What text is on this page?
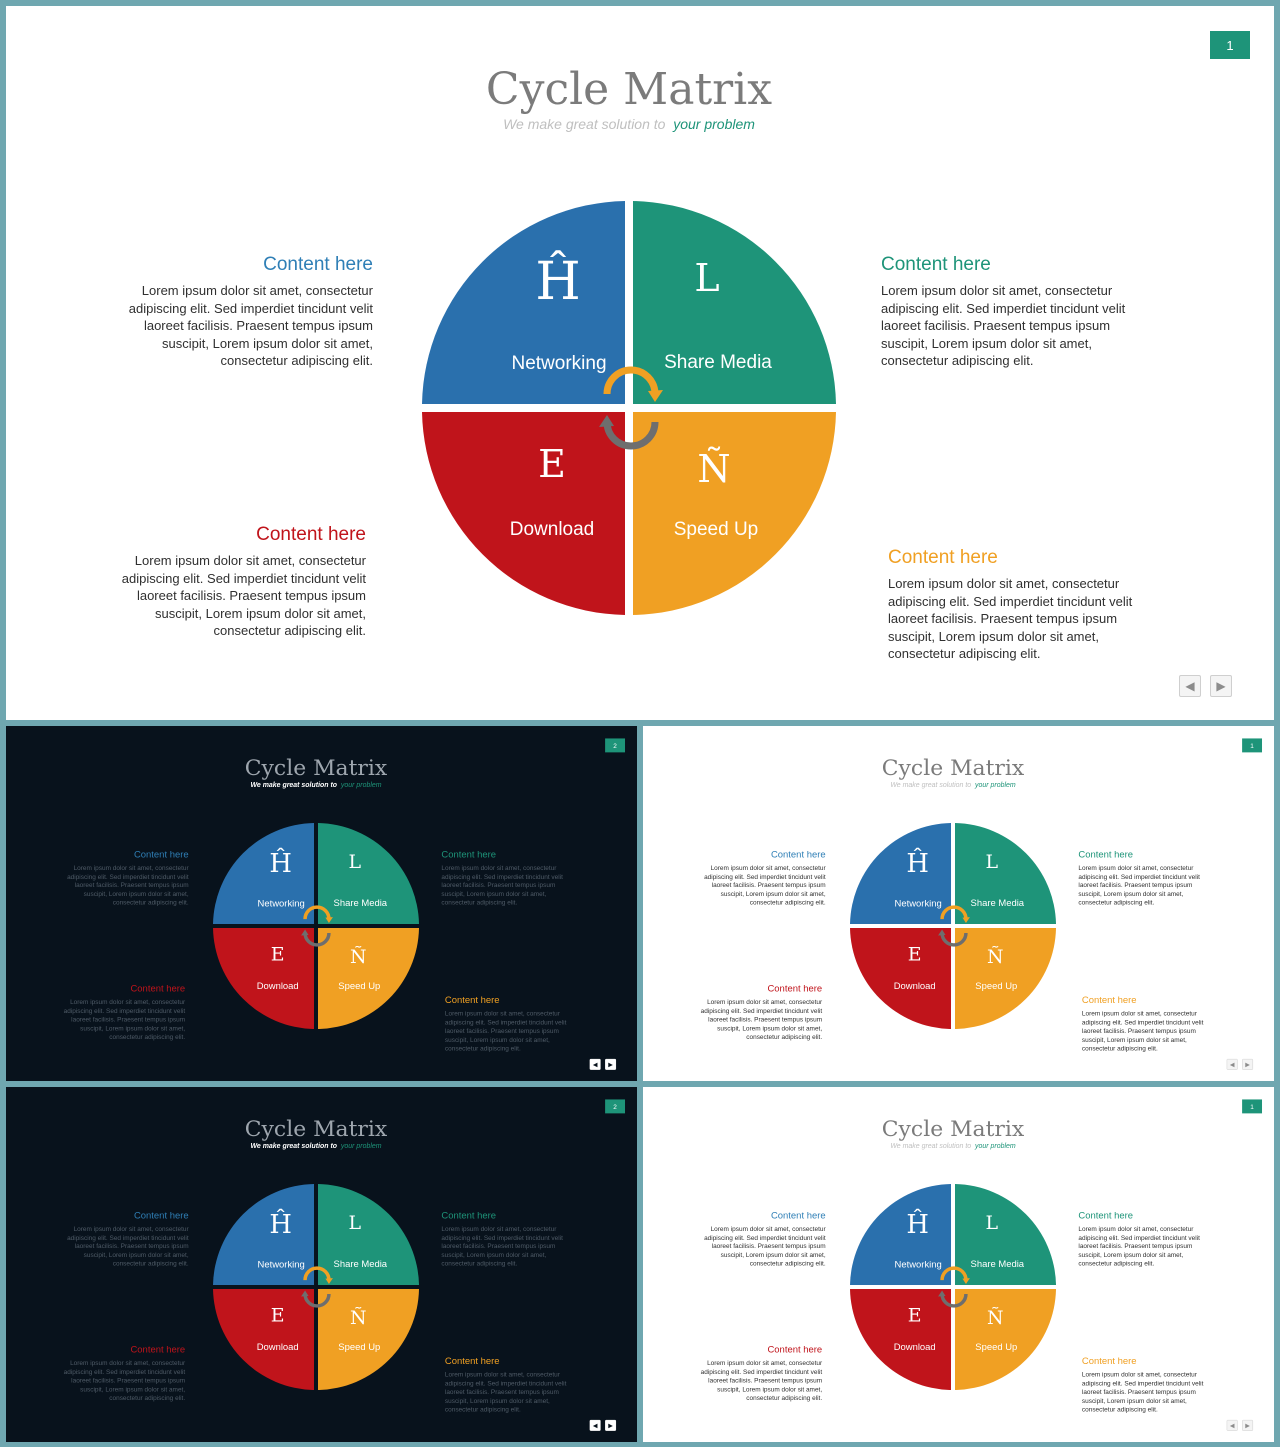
1
Cycle Matrix
We make great solution to your problem
Ĥ
Networking
L
Share Media
E
Download
Ñ
Speed Up
Content here
Lorem ipsum dolor sit amet, consectetur adipiscing elit. Sed imperdiet tincidunt velit laoreet facilisis. Praesent tempus ipsum suscipit, Lorem ipsum dolor sit amet, consectetur adipiscing elit.
Content here
Lorem ipsum dolor sit amet, consectetur adipiscing elit. Sed imperdiet tincidunt velit laoreet facilisis. Praesent tempus ipsum suscipit, Lorem ipsum dolor sit amet, consectetur adipiscing elit.
Content here
Lorem ipsum dolor sit amet, consectetur adipiscing elit. Sed imperdiet tincidunt velit laoreet facilisis. Praesent tempus ipsum suscipit, Lorem ipsum dolor sit amet, consectetur adipiscing elit.
Content here
Lorem ipsum dolor sit amet, consectetur adipiscing elit. Sed imperdiet tincidunt velit laoreet facilisis. Praesent tempus ipsum suscipit, Lorem ipsum dolor sit amet, consectetur adipiscing elit.
◀	▶
2
Cycle Matrix
We make great solution to your problem
Ĥ
Networking
L
Share Media
E
Download
Ñ
Speed Up
Content here
Lorem ipsum dolor sit amet, consectetur adipiscing elit. Sed imperdiet tincidunt velit laoreet facilisis. Praesent tempus ipsum suscipit, Lorem ipsum dolor sit amet, consectetur adipiscing elit.
Content here
Lorem ipsum dolor sit amet, consectetur adipiscing elit. Sed imperdiet tincidunt velit laoreet facilisis. Praesent tempus ipsum suscipit, Lorem ipsum dolor sit amet, consectetur adipiscing elit.
Content here
Lorem ipsum dolor sit amet, consectetur adipiscing elit. Sed imperdiet tincidunt velit laoreet facilisis. Praesent tempus ipsum suscipit, Lorem ipsum dolor sit amet, consectetur adipiscing elit.
Content here
Lorem ipsum dolor sit amet, consectetur adipiscing elit. Sed imperdiet tincidunt velit laoreet facilisis. Praesent tempus ipsum suscipit, Lorem ipsum dolor sit amet, consectetur adipiscing elit.
◀ ▶
1
Cycle Matrix
We make great solution to your problem
Ĥ
Networking
L
Share Media
E
Download
Ñ
Speed Up
Content here
Lorem ipsum dolor sit amet, consectetur adipiscing elit. Sed imperdiet tincidunt velit laoreet facilisis. Praesent tempus ipsum suscipit, Lorem ipsum dolor sit amet, consectetur adipiscing elit.
Content here
Lorem ipsum dolor sit amet, consectetur adipiscing elit. Sed imperdiet tincidunt velit laoreet facilisis. Praesent tempus ipsum suscipit, Lorem ipsum dolor sit amet, consectetur adipiscing elit.
Content here
Lorem ipsum dolor sit amet, consectetur adipiscing elit. Sed imperdiet tincidunt velit laoreet facilisis. Praesent tempus ipsum suscipit, Lorem ipsum dolor sit amet, consectetur adipiscing elit.
Content here
Lorem ipsum dolor sit amet, consectetur adipiscing elit. Sed imperdiet tincidunt velit laoreet facilisis. Praesent tempus ipsum suscipit, Lorem ipsum dolor sit amet, consectetur adipiscing elit.
◀ ▶
2
Cycle Matrix
We make great solution to your problem
Ĥ
Networking
L
Share Media
E
Download
Ñ
Speed Up
Content here
Lorem ipsum dolor sit amet, consectetur adipiscing elit. Sed imperdiet tincidunt velit laoreet facilisis. Praesent tempus ipsum suscipit, Lorem ipsum dolor sit amet, consectetur adipiscing elit.
Content here
Lorem ipsum dolor sit amet, consectetur adipiscing elit. Sed imperdiet tincidunt velit laoreet facilisis. Praesent tempus ipsum suscipit, Lorem ipsum dolor sit amet, consectetur adipiscing elit.
Content here
Lorem ipsum dolor sit amet, consectetur adipiscing elit. Sed imperdiet tincidunt velit laoreet facilisis. Praesent tempus ipsum suscipit, Lorem ipsum dolor sit amet, consectetur adipiscing elit.
Content here
Lorem ipsum dolor sit amet, consectetur adipiscing elit. Sed imperdiet tincidunt velit laoreet facilisis. Praesent tempus ipsum suscipit, Lorem ipsum dolor sit amet, consectetur adipiscing elit.
◀ ▶
1
Cycle Matrix
We make great solution to your problem
Ĥ
Networking
L
Share Media
E
Download
Ñ
Speed Up
Content here
Lorem ipsum dolor sit amet, consectetur adipiscing elit. Sed imperdiet tincidunt velit laoreet facilisis. Praesent tempus ipsum suscipit, Lorem ipsum dolor sit amet, consectetur adipiscing elit.
Content here
Lorem ipsum dolor sit amet, consectetur adipiscing elit. Sed imperdiet tincidunt velit laoreet facilisis. Praesent tempus ipsum suscipit, Lorem ipsum dolor sit amet, consectetur adipiscing elit.
Content here
Lorem ipsum dolor sit amet, consectetur adipiscing elit. Sed imperdiet tincidunt velit laoreet facilisis. Praesent tempus ipsum suscipit, Lorem ipsum dolor sit amet, consectetur adipiscing elit.
Content here
Lorem ipsum dolor sit amet, consectetur adipiscing elit. Sed imperdiet tincidunt velit laoreet facilisis. Praesent tempus ipsum suscipit, Lorem ipsum dolor sit amet, consectetur adipiscing elit.
◀ ▶
